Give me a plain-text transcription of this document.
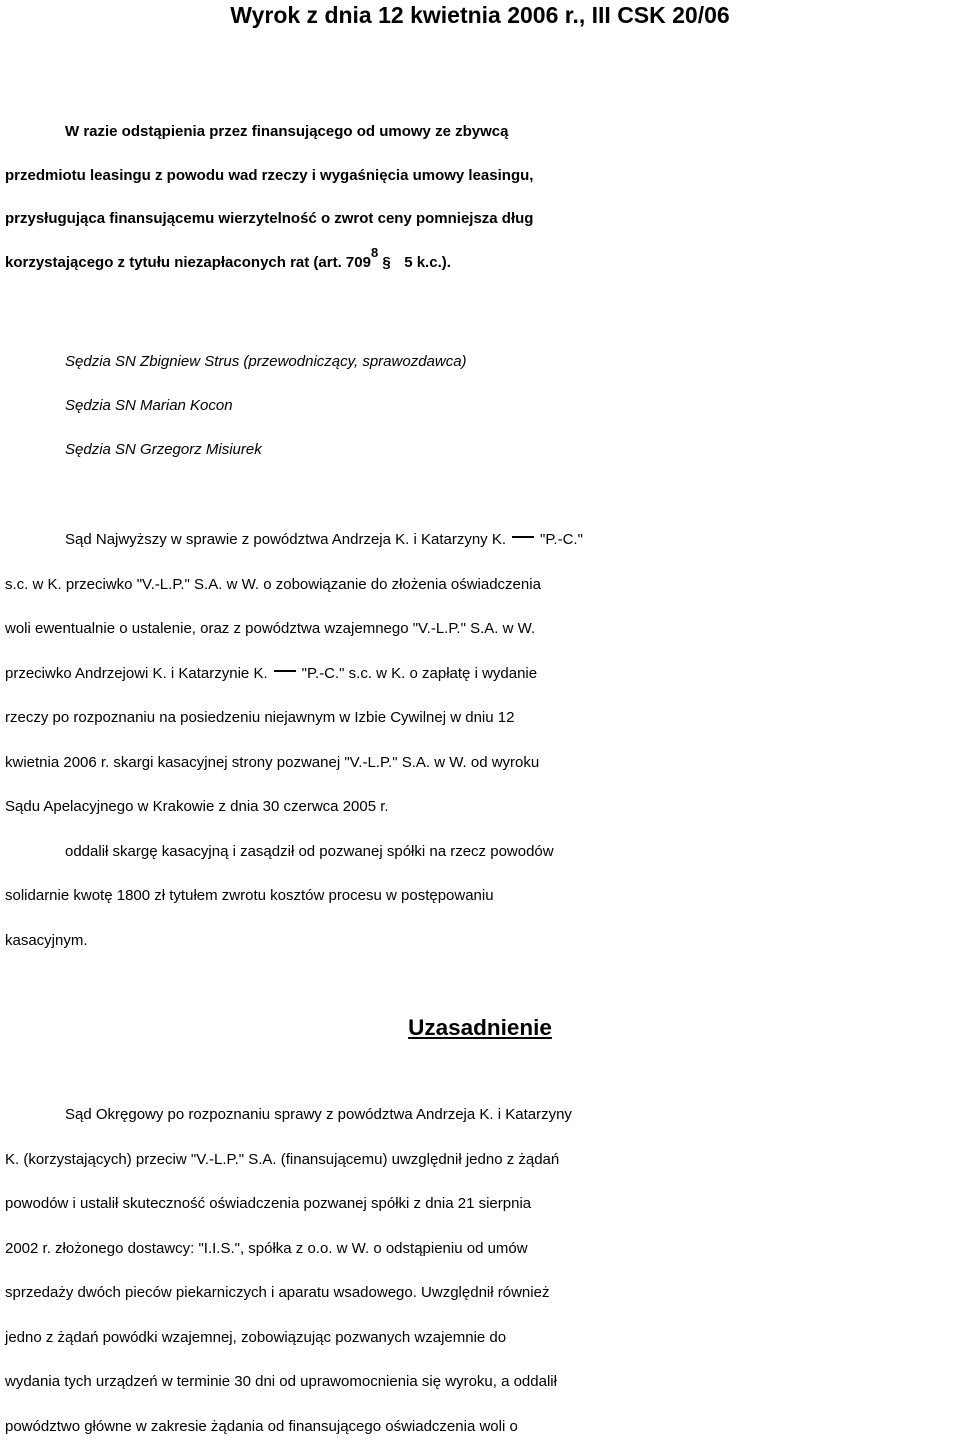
Wyrok z dnia 12 kwietnia 2006 r., III CSK 20/06
W razie odstąpienia przez finansującego od umowy ze zbywcą
przedmiotu leasingu z powodu wad rzeczy i wygaśnięcia umowy leasingu,
przysługująca finansującemu wierzytelność o zwrot ceny pomniejsza dług
korzystającego z tytułu niezapłaconych rat (art. $709^8$ § 5 k.c.).
Sędzia SN Zbigniew Strus (przewodniczący, sprawozdawca)
Sędzia SN Marian Kocon
Sędzia SN Grzegorz Misiurek
Sąd Najwyższy w sprawie z powództwa Andrzeja K. i Katarzyny K. "P.-C."
s.c. w K. przeciwko "V.-L.P." S.A. w W. o zobowiązanie do złożenia oświadczenia
woli ewentualnie o ustalenie, oraz z powództwa wzajemnego "V.-L.P." S.A. w W.
przeciwko Andrzejowi K. i Katarzynie K. "P.-C." s.c. w K. o zapłatę i wydanie
rzeczy po rozpoznaniu na posiedzeniu niejawnym w Izbie Cywilnej w dniu 12
kwietnia 2006 r. skargi kasacyjnej strony pozwanej "V.-L.P." S.A. w W. od wyroku
Sądu Apelacyjnego w Krakowie z dnia 30 czerwca 2005 r.
oddalił skargę kasacyjną i zasądził od pozwanej spółki na rzecz powodów
solidarnie kwotę 1800 zł tytułem zwrotu kosztów procesu w postępowaniu
kasacyjnym.
Uzasadnienie
Sąd Okręgowy po rozpoznaniu sprawy z powództwa Andrzeja K. i Katarzyny
K. (korzystających) przeciw "V.-L.P." S.A. (finansującemu) uwzględnił jedno z żądań
powodów i ustalił skuteczność oświadczenia pozwanej spółki z dnia 21 sierpnia
2002 r. złożonego dostawcy: "I.I.S.", spółka z o.o. w W. o odstąpieniu od umów
sprzedaży dwóch pieców piekarniczych i aparatu wsadowego. Uwzględnił również
jedno z żądań powódki wzajemnej, zobowiązując pozwanych wzajemnie do
wydania tych urządzeń w terminie 30 dni od uprawomocnienia się wyroku, a oddalił
powództwo główne w zakresie żądania od finansującego oświadczenia woli o
